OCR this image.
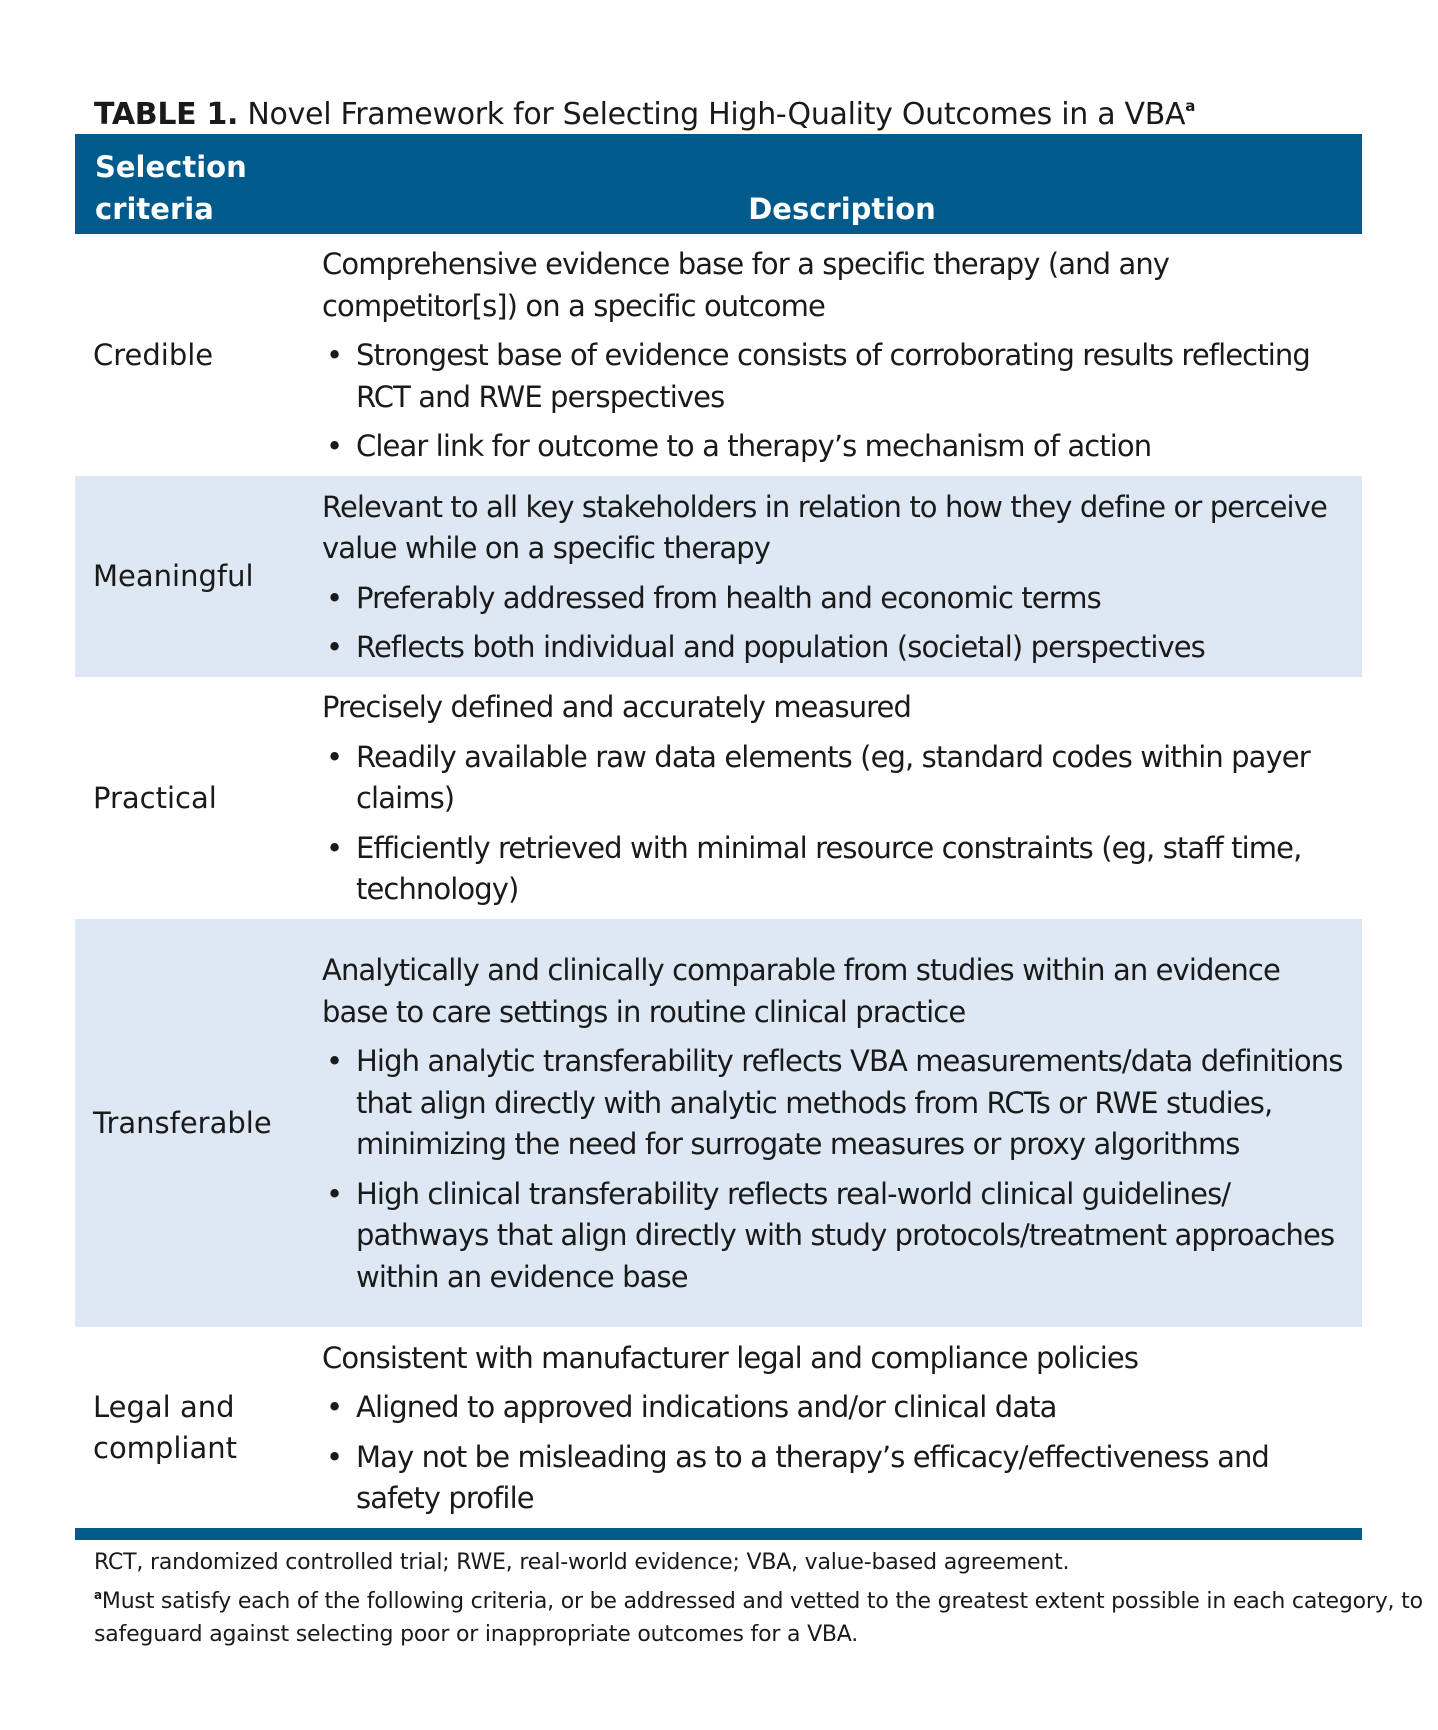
TABLE 1. Novel Framework for Selecting High-Quality Outcomes in a VBA$^a$
Selection criteria	Description
Credible
Comprehensive evidence base for a specific therapy (and any competitor[s]) on a specific outcome
• Strongest base of evidence consists of corroborating results reflecting RCT and RWE perspectives
• Clear link for outcome to a therapy’s mechanism of action
Meaningful
Relevant to all key stakeholders in relation to how they define or perceive value while on a specific therapy
• Preferably addressed from health and economic terms
• Reflects both individual and population (societal) perspectives
Practical
Precisely defined and accurately measured
• Readily available raw data elements (eg, standard codes within payer claims)
• Efficiently retrieved with minimal resource constraints (eg, staff time, technology)
Transferable
Analytically and clinically comparable from studies within an evidence base to care settings in routine clinical practice
• High analytic transferability reflects VBA measurements/data definitions that align directly with analytic methods from RCTs or RWE studies, minimizing the need for surrogate measures or proxy algorithms
• High clinical transferability reflects real-world clinical guidelines/ pathways that align directly with study protocols/treatment approaches within an evidence base
Legal and compliant
Consistent with manufacturer legal and compliance policies
• Aligned to approved indications and/or clinical data
• May not be misleading as to a therapy’s efficacy/effectiveness and safety profile
RCT, randomized controlled trial; RWE, real-world evidence; VBA, value-based agreement.
$^a$Must satisfy each of the following criteria, or be addressed and vetted to the greatest extent possible in each category, to safeguard against selecting poor or inappropriate outcomes for a VBA.
